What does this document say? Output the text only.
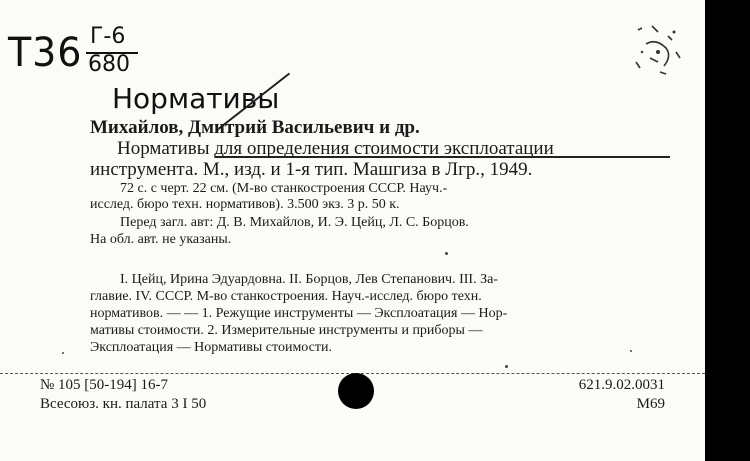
Т36 Г-6
680
Нормативы
Михайлов, Дмитрий Васильевич и др.
Нормативы для определения стоимости эксплоатации
инструмента. М., изд. и 1-я тип. Машгиза в Лгр., 1949.
72 с. с черт. 22 см. (М-во станкостроения СССР. Науч.-
исслед. бюро техн. нормативов). 3.500 экз. 3 р. 50 к.
Перед загл. авт: Д. В. Михайлов, И. Э. Цейц, Л. С. Борцов.
На обл. авт. не указаны.
I. Цейц, Ирина Эдуардовна. II. Борцов, Лев Степанович. III. За-
главие. IV. СССР. М-во станкостроения. Науч.-исслед. бюро техн.
нормативов. — — 1. Режущие инструменты — Эксплоатация — Нор-
мативы стоимости. 2. Измерительные инструменты и приборы —
Эксплоатация — Нормативы стоимости.
№ 105 [50-194] 16-7
Всесоюз. кн. палата 3 I 50
621.9.02.0031
М69
